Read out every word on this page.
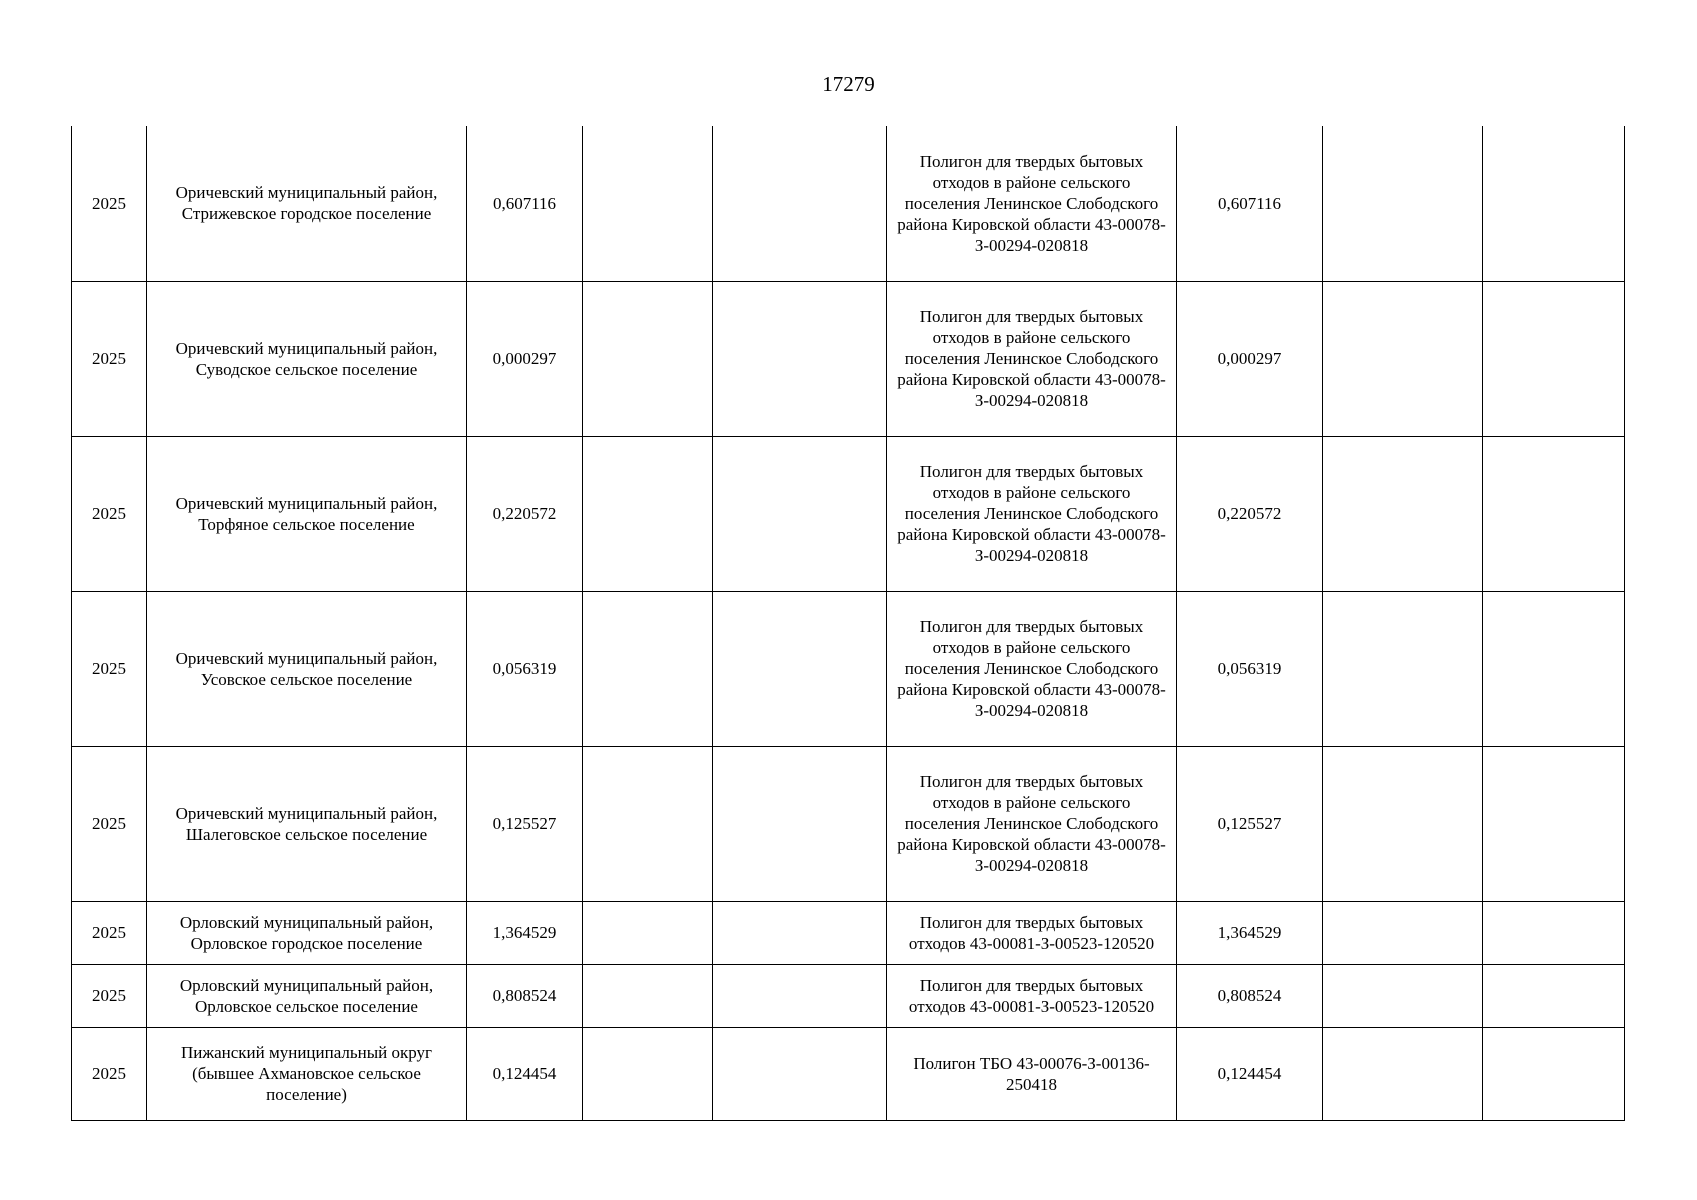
17279
2025	Оричевский муниципальный район, Стрижевское городское поселение	0,607116			Полигон для твердых бытовых отходов в районе сельского поселения Ленинское Слободского района Кировской области 43-00078-З-00294-020818	0,607116		
2025	Оричевский муниципальный район, Суводское сельское поселение	0,000297			Полигон для твердых бытовых отходов в районе сельского поселения Ленинское Слободского района Кировской области 43-00078-З-00294-020818	0,000297		
2025	Оричевский муниципальный район, Торфяное сельское поселение	0,220572			Полигон для твердых бытовых отходов в районе сельского поселения Ленинское Слободского района Кировской области 43-00078-З-00294-020818	0,220572		
2025	Оричевский муниципальный район, Усовское сельское поселение	0,056319			Полигон для твердых бытовых отходов в районе сельского поселения Ленинское Слободского района Кировской области 43-00078-З-00294-020818	0,056319		
2025	Оричевский муниципальный район, Шалеговское сельское поселение	0,125527			Полигон для твердых бытовых отходов в районе сельского поселения Ленинское Слободского района Кировской области 43-00078-З-00294-020818	0,125527		
2025	Орловский муниципальный район, Орловское городское поселение	1,364529			Полигон для твердых бытовых отходов 43-00081-З-00523-120520	1,364529		
2025	Орловский муниципальный район, Орловское сельское поселение	0,808524			Полигон для твердых бытовых отходов 43-00081-З-00523-120520	0,808524		
2025	Пижанский муниципальный округ (бывшее Ахмановское сельское поселение)	0,124454			Полигон ТБО 43-00076-З-00136-250418	0,124454		
